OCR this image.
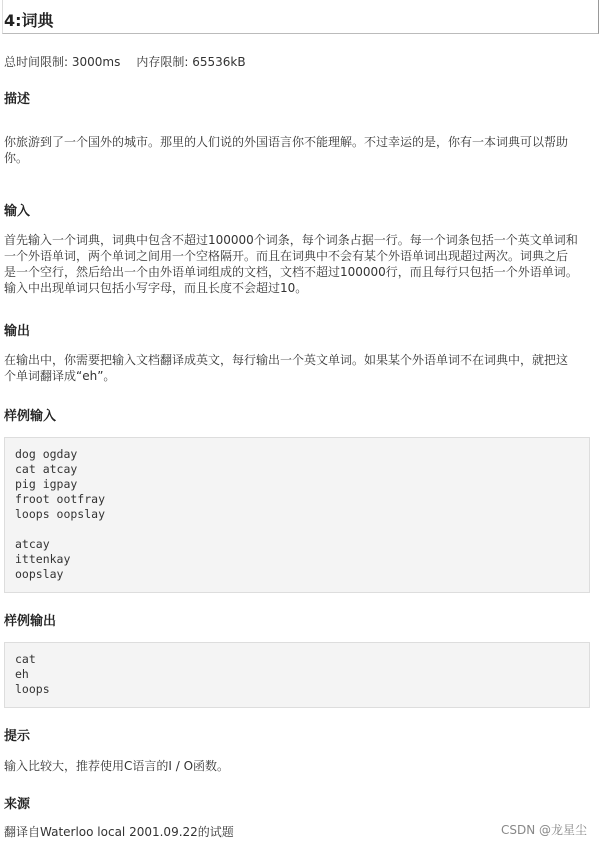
4:词典
总时间限制: 3000ms 内存限制: 65536kB
描述
你旅游到了一个国外的城市。那里的人们说的外国语言你不能理解。不过幸运的是，你有一本词典可以帮助
你。
输入
首先输入一个词典，词典中包含不超过100000个词条，每个词条占据一行。每一个词条包括一个英文单词和
一个外语单词，两个单词之间用一个空格隔开。而且在词典中不会有某个外语单词出现超过两次。词典之后
是一个空行，然后给出一个由外语单词组成的文档，文档不超过100000行，而且每行只包括一个外语单词。
输入中出现单词只包括小写字母，而且长度不会超过10。
输出
在输出中，你需要把输入文档翻译成英文，每行输出一个英文单词。如果某个外语单词不在词典中，就把这
个单词翻译成“eh”。
样例输入
dog ogday
cat atcay
pig igpay
froot ootfray
loops oopslay
atcay
ittenkay
oopslay
样例输出
cat
eh
loops
提示
输入比较大，推荐使用C语言的I / O函数。
来源
翻译自Waterloo local 2001.09.22的试题	CSDN @龙星尘
